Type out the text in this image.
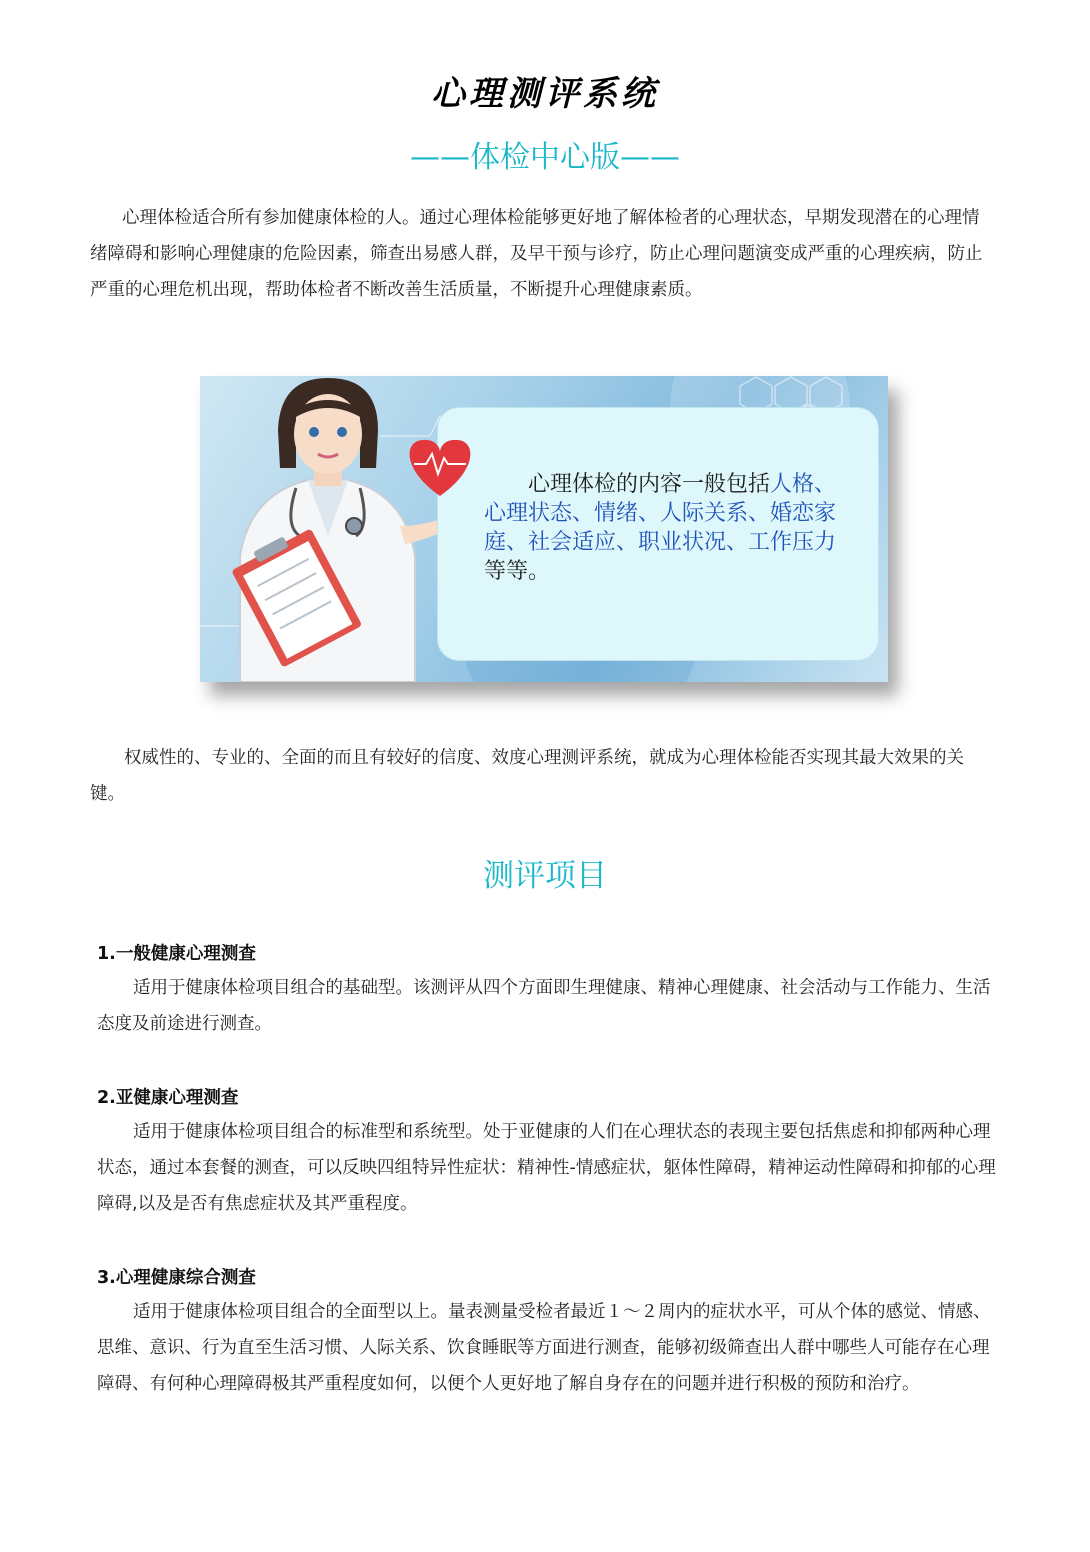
心理测评系统
——体检中心版——

心理体检适合所有参加健康体检的人。通过心理体检能够更好地了解体检者的心理状态，早期发现潜在的心理情绪障碍和影响心理健康的危险因素，筛查出易感人群，及早干预与诊疗，防止心理问题演变成严重的心理疾病，防止严重的心理危机出现，帮助体检者不断改善生活质量，不断提升心理健康素质。

心理体检的内容一般包括人格、心理状态、情绪、人际关系、婚恋家庭、社会适应、职业状况、工作压力等等。

权威性的、专业的、全面的而且有较好的信度、效度心理测评系统，就成为心理体检能否实现其最大效果的关键。

测评项目
1.一般健康心理测查

适用于健康体检项目组合的基础型。该测评从四个方面即生理健康、精神心理健康、社会活动与工作能力、生活态度及前途进行测查。

2.亚健康心理测查

适用于健康体检项目组合的标准型和系统型。处于亚健康的人们在心理状态的表现主要包括焦虑和抑郁两种心理状态，通过本套餐的测查，可以反映四组特异性症状：精神性-情感症状，躯体性障碍，精神运动性障碍和抑郁的心理障碍,以及是否有焦虑症状及其严重程度。

3.心理健康综合测查

适用于健康体检项目组合的全面型以上。量表测量受检者最近１～２周内的症状水平，可从个体的感觉、情感、思维、意识、行为直至生活习惯、人际关系、饮食睡眠等方面进行测查，能够初级筛查出人群中哪些人可能存在心理障碍、有何种心理障碍极其严重程度如何，以便个人更好地了解自身存在的问题并进行积极的预防和治疗。
